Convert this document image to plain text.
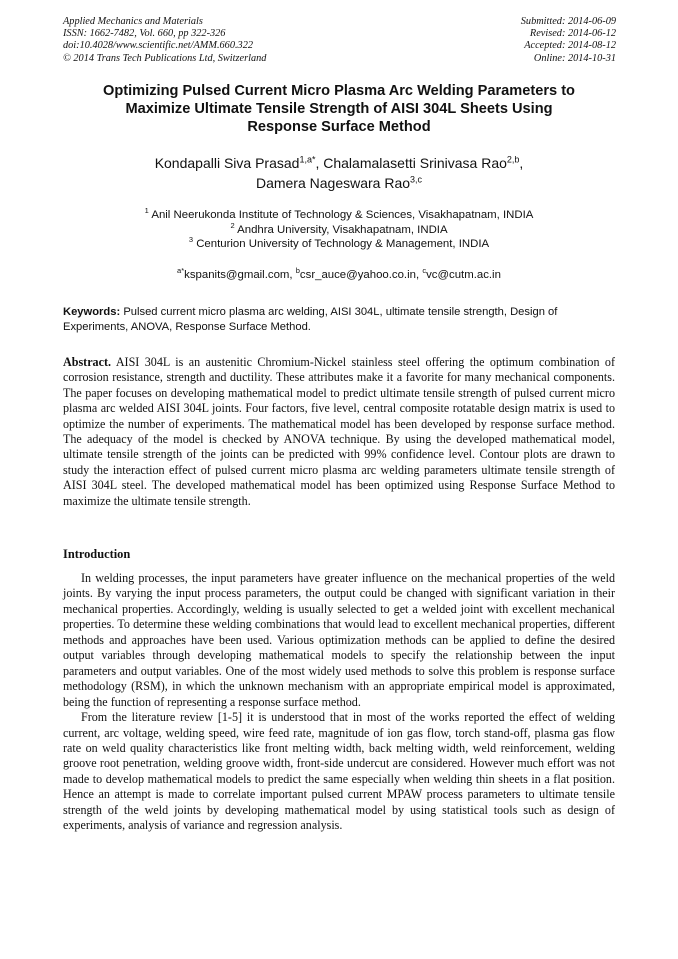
Applied Mechanics and Materials
ISSN: 1662-7482, Vol. 660, pp 322-326
doi:10.4028/www.scientific.net/AMM.660.322
© 2014 Trans Tech Publications Ltd, Switzerland
Submitted: 2014-06-09
Revised: 2014-06-12
Accepted: 2014-08-12
Online: 2014-10-31
Optimizing Pulsed Current Micro Plasma Arc Welding Parameters to
Maximize Ultimate Tensile Strength of AISI 304L Sheets Using
Response Surface Method
Kondapalli Siva Prasad$^{1,a*}$, Chalamalasetti Srinivasa Rao$^{2,b}$,
Damera Nageswara Rao$^{3,c}$
$^1$ Anil Neerukonda Institute of Technology & Sciences, Visakhapatnam, INDIA
$^2$ Andhra University, Visakhapatnam, INDIA
$^3$ Centurion University of Technology & Management, INDIA
$^{a*}$kspanits@gmail.com, $^b$csr_auce@yahoo.co.in, $^c$vc@cutm.ac.in
Keywords: Pulsed current micro plasma arc welding, AISI 304L, ultimate tensile strength, Design of Experiments, ANOVA, Response Surface Method.
Abstract. AISI 304L is an austenitic Chromium-Nickel stainless steel offering the optimum combination of corrosion resistance, strength and ductility. These attributes make it a favorite for many mechanical components. The paper focuses on developing mathematical model to predict ultimate tensile strength of pulsed current micro plasma arc welded AISI 304L joints. Four factors, five level, central composite rotatable design matrix is used to optimize the number of experiments. The mathematical model has been developed by response surface method. The adequacy of the model is checked by ANOVA technique. By using the developed mathematical model, ultimate tensile strength of the joints can be predicted with 99% confidence level. Contour plots are drawn to study the interaction effect of pulsed current micro plasma arc welding parameters ultimate tensile strength of AISI 304L steel. The developed mathematical model has been optimized using Response Surface Method to maximize the ultimate tensile strength.
Introduction

In welding processes, the input parameters have greater influence on the mechanical properties of the weld joints. By varying the input process parameters, the output could be changed with significant variation in their mechanical properties. Accordingly, welding is usually selected to get a welded joint with excellent mechanical properties. To determine these welding combinations that would lead to excellent mechanical properties, different methods and approaches have been used. Various optimization methods can be applied to define the desired output variables through developing mathematical models to specify the relationship between the input parameters and output variables. One of the most widely used methods to solve this problem is response surface methodology (RSM), in which the unknown mechanism with an appropriate empirical model is approximated, being the function of representing a response surface method.

From the literature review [1-5] it is understood that in most of the works reported the effect of welding current, arc voltage, welding speed, wire feed rate, magnitude of ion gas flow, torch stand-off, plasma gas flow rate on weld quality characteristics like front melting width, back melting width, weld reinforcement, welding groove root penetration, welding groove width, front-side undercut are considered. However much effort was not made to develop mathematical models to predict the same especially when welding thin sheets in a flat position. Hence an attempt is made to correlate important pulsed current MPAW process parameters to ultimate tensile strength of the weld joints by developing mathematical model by using statistical tools such as design of experiments, analysis of variance and regression analysis.
